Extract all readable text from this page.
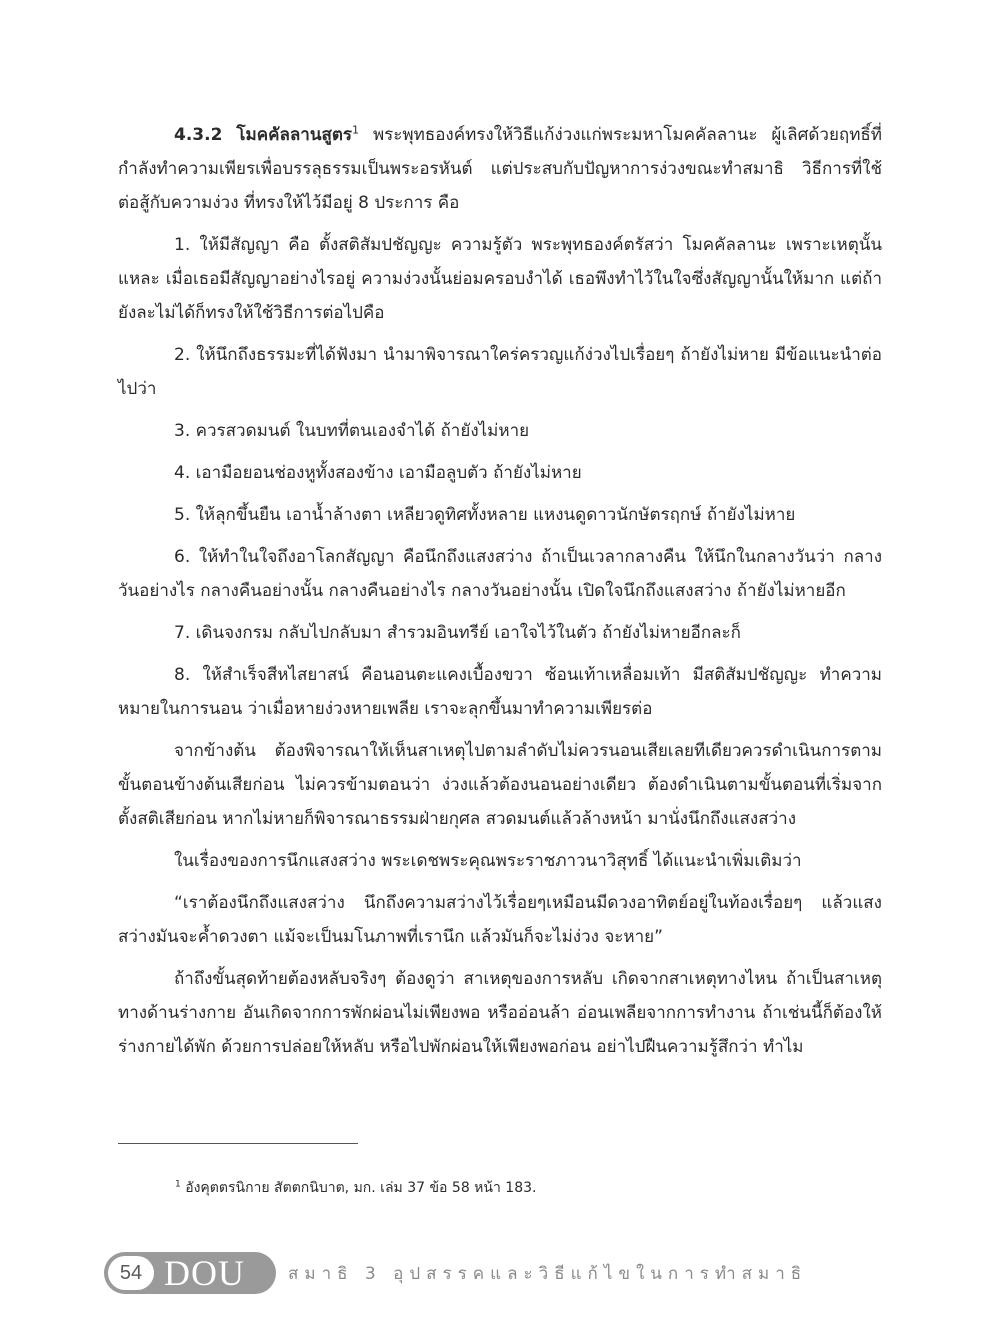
4.3.2 โมคคัลลานสูตร$^1$ พระพุทธองค์ทรงให้วิธีแก้ง่วงแก่พระมหาโมคคัลลานะ ผู้เลิศด้วยฤทธิ์ที่กำลังทำความเพียรเพื่อบรรลุธรรมเป็นพระอรหันต์ แต่ประสบกับปัญหาการง่วงขณะทำสมาธิ วิธีการที่ใช้ต่อสู้กับความง่วง ที่ทรงให้ไว้มีอยู่ 8 ประการ คือ

1. ให้มีสัญญา คือ ตั้งสติสัมปชัญญะ ความรู้ตัว พระพุทธองค์ตรัสว่า โมคคัลลานะ เพราะเหตุนั้นแหละ เมื่อเธอมีสัญญาอย่างไรอยู่ ความง่วงนั้นย่อมครอบงำได้ เธอพึงทำไว้ในใจซึ่งสัญญานั้นให้มาก แต่ถ้ายังละไม่ได้ก็ทรงให้ใช้วิธีการต่อไปคือ

2. ให้นึกถึงธรรมะที่ได้ฟังมา นำมาพิจารณาใคร่ครวญแก้ง่วงไปเรื่อยๆ ถ้ายังไม่หาย มีข้อแนะนำต่อไปว่า

3. ควรสวดมนต์ ในบทที่ตนเองจำได้ ถ้ายังไม่หาย

4. เอามือยอนช่องหูทั้งสองข้าง เอามือลูบตัว ถ้ายังไม่หาย

5. ให้ลุกขึ้นยืน เอาน้ำล้างตา เหลียวดูทิศทั้งหลาย แหงนดูดาวนักษัตรฤกษ์ ถ้ายังไม่หาย

6. ให้ทำในใจถึงอาโลกสัญญา คือนึกถึงแสงสว่าง ถ้าเป็นเวลากลางคืน ให้นึกในกลางวันว่า กลางวันอย่างไร กลางคืนอย่างนั้น กลางคืนอย่างไร กลางวันอย่างนั้น เปิดใจนึกถึงแสงสว่าง ถ้ายังไม่หายอีก

7. เดินจงกรม กลับไปกลับมา สำรวมอินทรีย์ เอาใจไว้ในตัว ถ้ายังไม่หายอีกละก็

8. ให้สำเร็จสีหไสยาสน์ คือนอนตะแคงเบื้องขวา ซ้อนเท้าเหลื่อมเท้า มีสติสัมปชัญญะ ทำความหมายในการนอน ว่าเมื่อหายง่วงหายเพลีย เราจะลุกขึ้นมาทำความเพียรต่อ

จากข้างต้น ต้องพิจารณาให้เห็นสาเหตุไปตามลำดับไม่ควรนอนเสียเลยทีเดียวควรดำเนินการตามขั้นตอนข้างต้นเสียก่อน ไม่ควรข้ามตอนว่า ง่วงแล้วต้องนอนอย่างเดียว ต้องดำเนินตามขั้นตอนที่เริ่มจากตั้งสติเสียก่อน หากไม่หายก็พิจารณาธรรมฝ่ายกุศล สวดมนต์แล้วล้างหน้า มานั่งนึกถึงแสงสว่าง

ในเรื่องของการนึกแสงสว่าง พระเดชพระคุณพระราชภาวนาวิสุทธิ์ ได้แนะนำเพิ่มเติมว่า

“เราต้องนึกถึงแสงสว่าง นึกถึงความสว่างไว้เรื่อยๆเหมือนมีดวงอาทิตย์อยู่ในท้องเรื่อยๆ แล้วแสงสว่างมันจะค้ำดวงตา แม้จะเป็นมโนภาพที่เรานึก แล้วมันก็จะไม่ง่วง จะหาย”

ถ้าถึงขั้นสุดท้ายต้องหลับจริงๆ ต้องดูว่า สาเหตุของการหลับ เกิดจากสาเหตุทางไหน ถ้าเป็นสาเหตุทางด้านร่างกาย อันเกิดจากการพักผ่อนไม่เพียงพอ หรืออ่อนล้า อ่อนเพลียจากการทำงาน ถ้าเช่นนี้ก็ต้องให้ร่างกายได้พัก ด้วยการปล่อยให้หลับ หรือไปพักผ่อนให้เพียงพอก่อน อย่าไปฝืนความรู้สึกว่า ทำไม

$^1$ อังคุตตรนิกาย สัตตกนิบาต, มก. เล่ม 37 ข้อ 58 หน้า 183.
54 DOU	สมาธิ 3 อุปสรรคและวิธีแก้ไขในการทำสมาธิ
